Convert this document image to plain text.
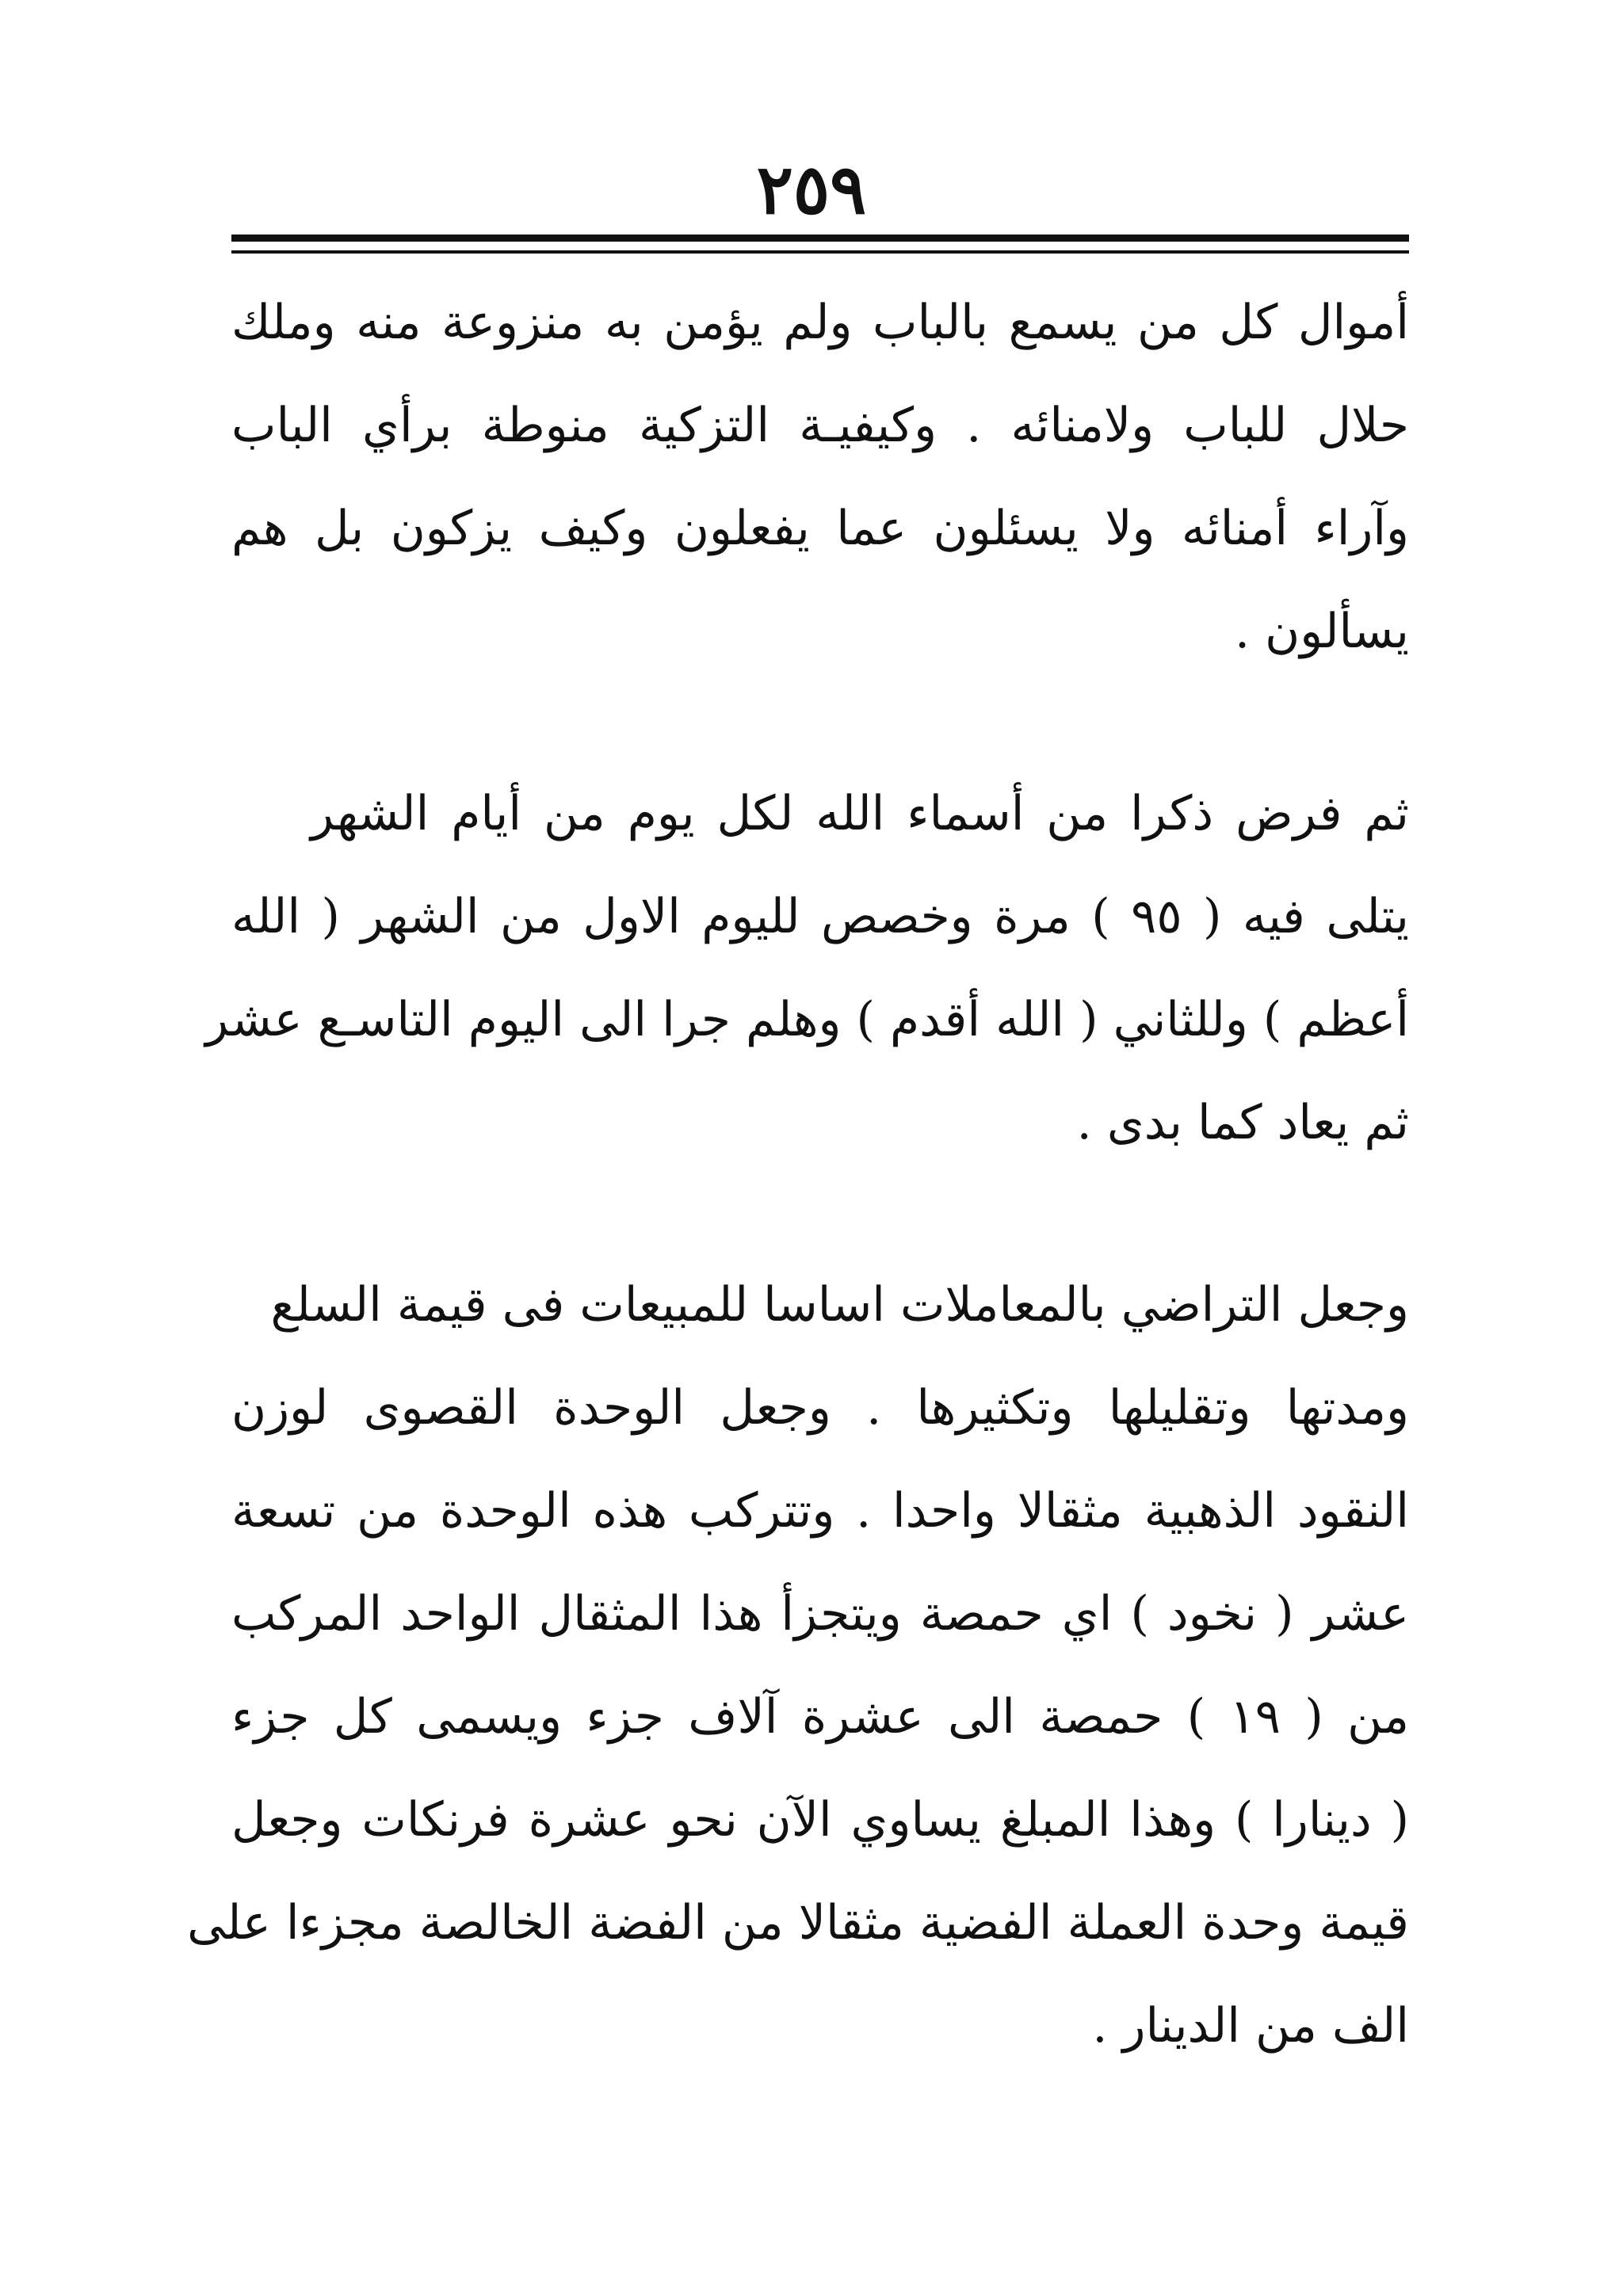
٢٥٩
أموال كل من يسمع بالباب ولم يؤمن به منزوعة منه وملك
حلال للباب ولامنائه . وكيفيـة التزكية منوطة برأي الباب
وآراء أمنائه ولا يسئلون عما يفعلون وكيف يزكون بل هم
يسألون .
ثم فرض ذكرا من أسماء الله لكل يوم من أيام الشهر
يتلى فيه ( ٩٥ ) مرة وخصص لليوم الاول من الشهر ( الله
أعظم ) وللثاني ( الله أقدم ) وهلم جرا الى اليوم التاسـع عشر
ثم يعاد كما بدى .
وجعل التراضي بالمعاملات اساسا للمبيعات فى قيمة السلع
ومدتها وتقليلها وتكثيرها . وجعل الوحدة القصوى لوزن
النقود الذهبية مثقالا واحدا . وتتركب هذه الوحدة من تسعة
عشر ( نخود ) اي حمصة ويتجزأ هذا المثقال الواحد المركب
من ( ١٩ ) حمصة الى عشرة آلاف جزء ويسمى كل جزء
( دينارا ) وهذا المبلغ يساوي الآن نحو عشرة فرنكات وجعل
قيمة وحدة العملة الفضية مثقالا من الفضة الخالصة مجزءا على
الف من الدينار .
